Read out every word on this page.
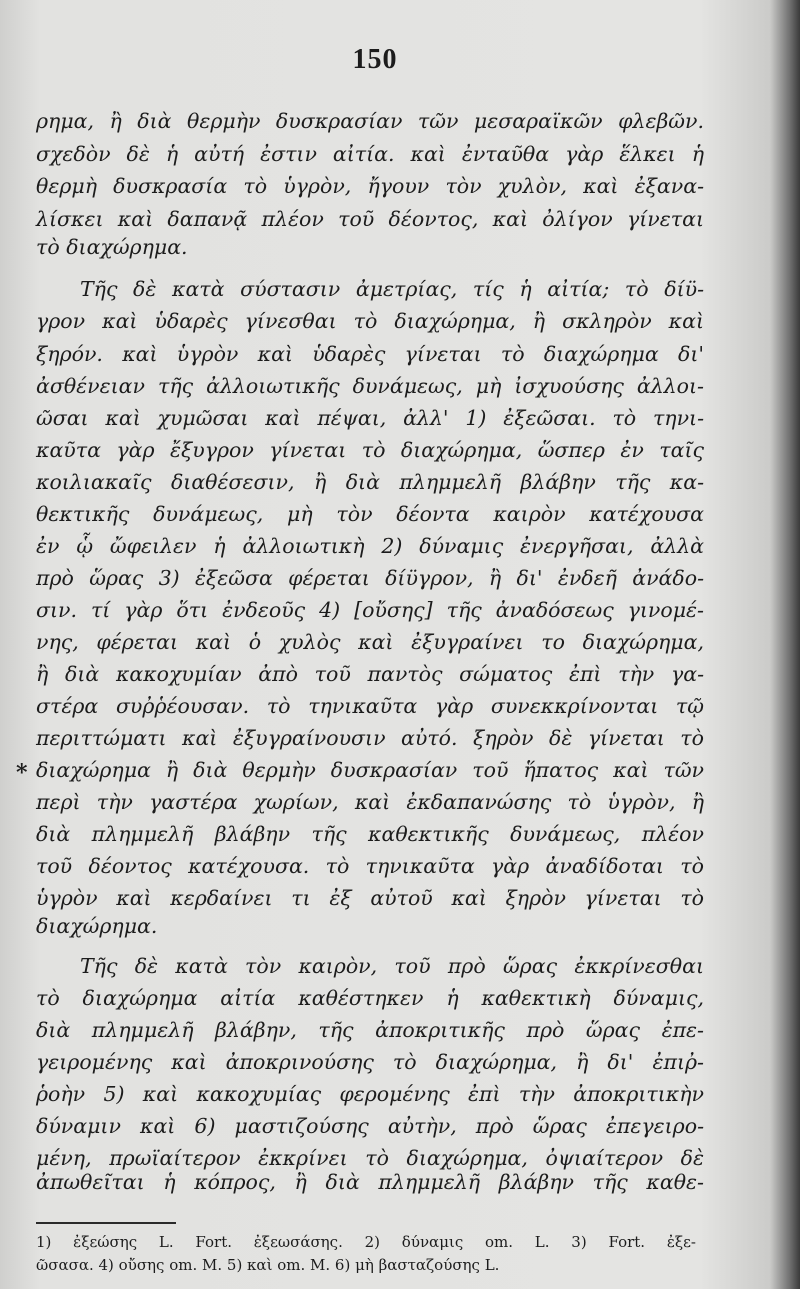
150
ρημα, ἢ διὰ θερμὴν δυσκρασίαν τῶν μεσαραϊκῶν φλεβῶν.
σχεδὸν δὲ ἡ αὐτή ἐστιν αἰτία. καὶ ἐνταῦθα γὰρ ἕλκει ἡ
θερμὴ δυσκρασία τὸ ὑγρὸν, ἤγουν τὸν χυλὸν, καὶ ἐξανα-
λίσκει καὶ δαπανᾷ πλέον τοῦ δέοντος, καὶ ὀλίγον γίνεται
τὸ διαχώρημα.
Τῆς δὲ κατὰ σύστασιν ἀμετρίας, τίς ἡ αἰτία; τὸ δίϋ-
γρον καὶ ὑδαρὲς γίνεσθαι τὸ διαχώρημα, ἢ σκληρὸν καὶ
ξηρόν. καὶ ὑγρὸν καὶ ὑδαρὲς γίνεται τὸ διαχώρημα δι'
ἀσθένειαν τῆς ἀλλοιωτικῆς δυνάμεως, μὴ ἰσχυούσης ἀλλοι-
ῶσαι καὶ χυμῶσαι καὶ πέψαι, ἀλλ' 1) ἐξεῶσαι. τὸ τηνι-
καῦτα γὰρ ἔξυγρον γίνεται τὸ διαχώρημα, ὥσπερ ἐν ταῖς
κοιλιακαῖς διαθέσεσιν, ἢ διὰ πλημμελῆ βλάβην τῆς κα-
θεκτικῆς δυνάμεως, μὴ τὸν δέοντα καιρὸν κατέχουσα
ἐν ᾧ ὤφειλεν ἡ ἀλλοιωτικὴ 2) δύναμις ἐνεργῆσαι, ἀλλὰ
πρὸ ὥρας 3) ἐξεῶσα φέρεται δίϋγρον, ἢ δι' ἐνδεῆ ἀνάδο-
σιν. τί γὰρ ὅτι ἐνδεοῦς 4) [οὔσης] τῆς ἀναδόσεως γινομέ-
νης, φέρεται καὶ ὁ χυλὸς καὶ ἐξυγραίνει το διαχώρημα,
ἢ διὰ κακοχυμίαν ἀπὸ τοῦ παντὸς σώματος ἐπὶ τὴν γα-
στέρα συῤῥέουσαν. τὸ τηνικαῦτα γὰρ συνεκκρίνονται τῷ
περιττώματι καὶ ἐξυγραίνουσιν αὐτό. ξηρὸν δὲ γίνεται τὸ
διαχώρημα ἢ διὰ θερμὴν δυσκρασίαν τοῦ ἥπατος καὶ τῶν
*
περὶ τὴν γαστέρα χωρίων, καὶ ἐκδαπανώσης τὸ ὑγρὸν, ἢ
διὰ πλημμελῆ βλάβην τῆς καθεκτικῆς δυνάμεως, πλέον
τοῦ δέοντος κατέχουσα. τὸ τηνικαῦτα γὰρ ἀναδίδοται τὸ
ὑγρὸν καὶ κερδαίνει τι ἐξ αὐτοῦ καὶ ξηρὸν γίνεται τὸ
διαχώρημα.
Τῆς δὲ κατὰ τὸν καιρὸν, τοῦ πρὸ ὥρας ἐκκρίνεσθαι
τὸ διαχώρημα αἰτία καθέστηκεν ἡ καθεκτικὴ δύναμις,
διὰ πλημμελῆ βλάβην, τῆς ἀποκριτικῆς πρὸ ὥρας ἐπε-
γειρομένης καὶ ἀποκρινούσης τὸ διαχώρημα, ἢ δι' ἐπιῤ-
ῥοὴν 5) καὶ κακοχυμίας φερομένης ἐπὶ τὴν ἀποκριτικὴν
δύναμιν καὶ 6) μαστιζούσης αὐτὴν, πρὸ ὥρας ἐπεγειρο-
μένη, πρωϊαίτερον ἐκκρίνει τὸ διαχώρημα, ὀψιαίτερον δὲ
ἀπωθεῖται ἡ κόπρος, ἢ διὰ πλημμελῆ βλάβην τῆς καθε-
1) ἐξεώσης L. Fort. ἐξεωσάσης. 2) δύναμις om. L. 3) Fort. ἐξε-
ῶσασα. 4) οὔσης om. M. 5) καὶ om. M. 6) μὴ βασταζούσης L.
